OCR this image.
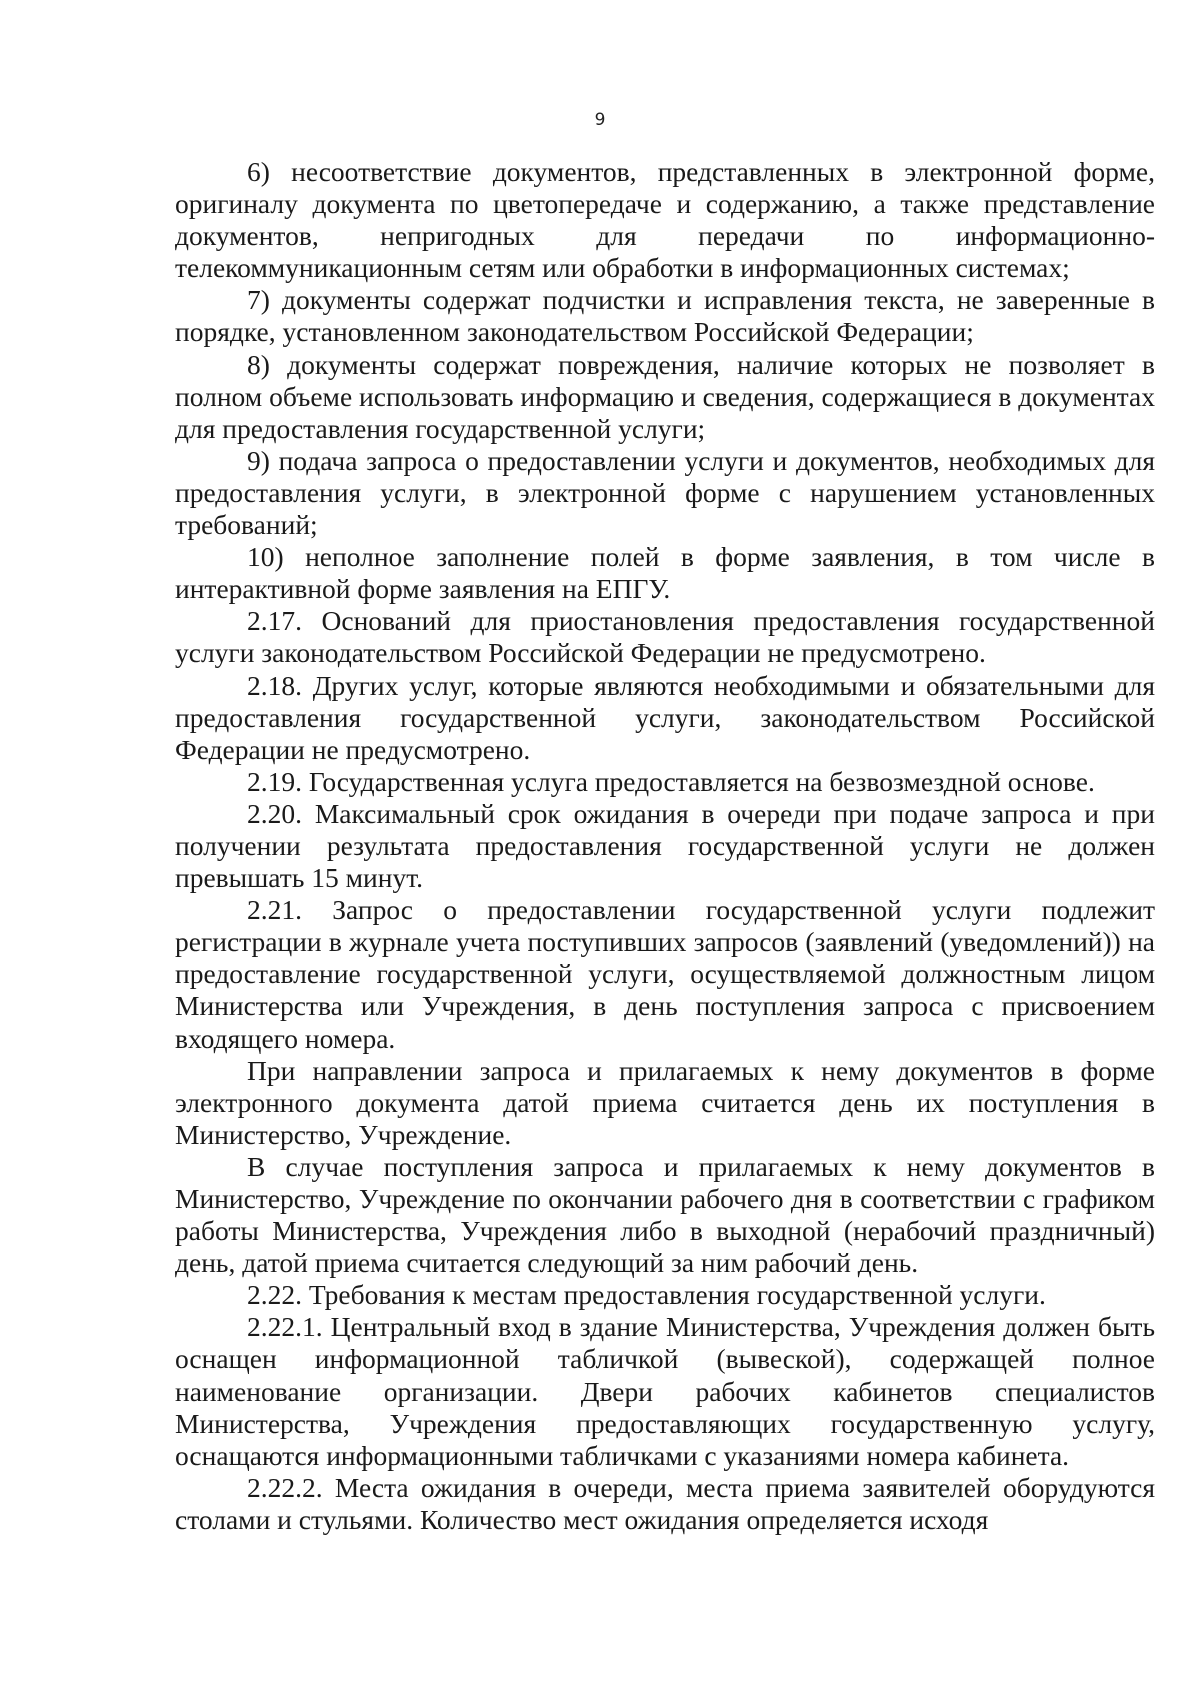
9

6) несоответствие документов, представленных в электронной форме, оригиналу документа по цветопередаче и содержанию, а также представление документов, непригодных для передачи по информационно-телекоммуникационным сетям или обработки в информационных системах;

7) документы содержат подчистки и исправления текста, не заверенные в порядке, установленном законодательством Российской Федерации;

8) документы содержат повреждения, наличие которых не позволяет в полном объеме использовать информацию и сведения, содержащиеся в документах для предоставления государственной услуги;

9) подача запроса о предоставлении услуги и документов, необходимых для предоставления услуги, в электронной форме с нарушением установленных требований;

10) неполное заполнение полей в форме заявления, в том числе в интерактивной форме заявления на ЕПГУ.

2.17. Оснований для приостановления предоставления государственной услуги законодательством Российской Федерации не предусмотрено.

2.18. Других услуг, которые являются необходимыми и обязательными для предоставления государственной услуги, законодательством Российской Федерации не предусмотрено.

2.19. Государственная услуга предоставляется на безвозмездной основе.

2.20. Максимальный срок ожидания в очереди при подаче запроса и при получении результата предоставления государственной услуги не должен превышать 15 минут.

2.21. Запрос о предоставлении государственной услуги подлежит регистрации в журнале учета поступивших запросов (заявлений (уведомлений)) на предоставление государственной услуги, осуществляемой должностным лицом Министерства или Учреждения, в день поступления запроса с присвоением входящего номера.

При направлении запроса и прилагаемых к нему документов в форме электронного документа датой приема считается день их поступления в Министерство, Учреждение.

В случае поступления запроса и прилагаемых к нему документов в Министерство, Учреждение по окончании рабочего дня в соответствии с графиком работы Министерства, Учреждения либо в выходной (нерабочий праздничный) день, датой приема считается следующий за ним рабочий день.

2.22. Требования к местам предоставления государственной услуги.

2.22.1. Центральный вход в здание Министерства, Учреждения должен быть оснащен информационной табличкой (вывеской), содержащей полное наименование организации. Двери рабочих кабинетов специалистов Министерства, Учреждения предоставляющих государственную услугу, оснащаются информационными табличками с указаниями номера кабинета.

2.22.2. Места ожидания в очереди, места приема заявителей оборудуются столами и стульями. Количество мест ожидания определяется исходя
